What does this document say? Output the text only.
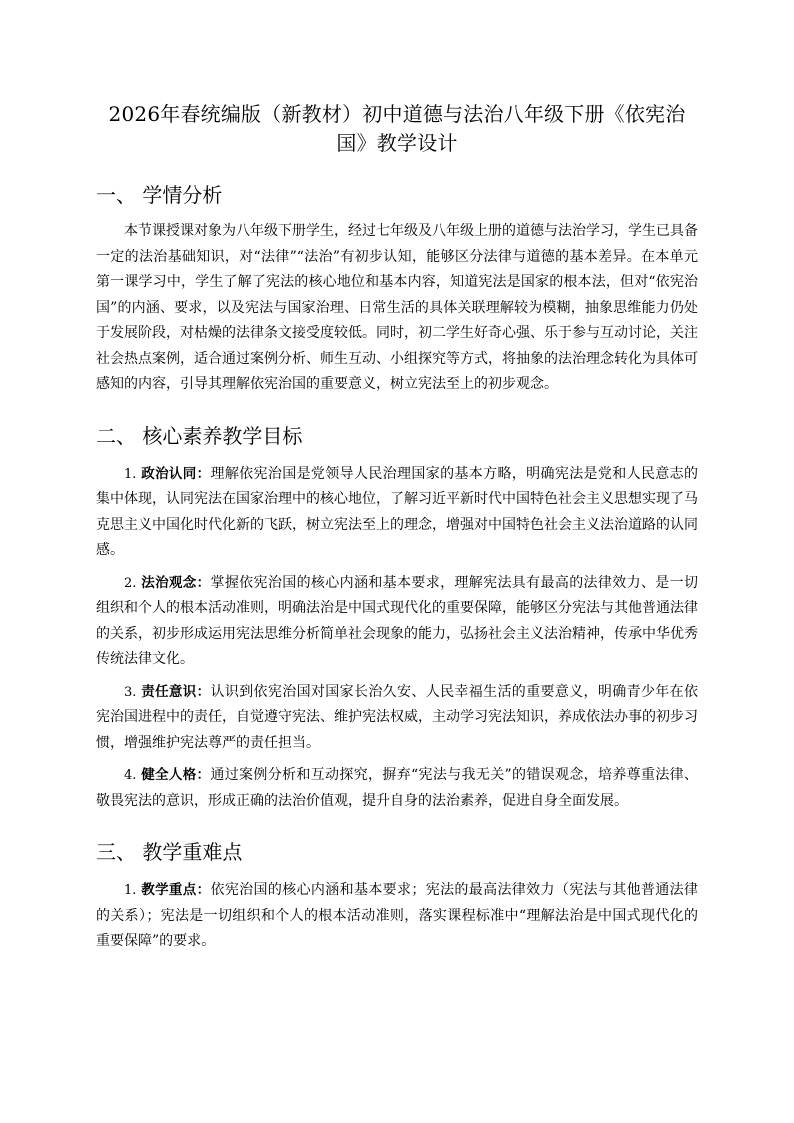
2026年春统编版（新教材）初中道德与法治八年级下册《依宪治国》教学设计
一、 学情分析

本节课授课对象为八年级下册学生，经过七年级及八年级上册的道德与法治学习，学生已具备一定的法治基础知识，对“法律”“法治”有初步认知，能够区分法律与道德的基本差异。在本单元第一课学习中，学生了解了宪法的核心地位和基本内容，知道宪法是国家的根本法，但对“依宪治国”的内涵、要求，以及宪法与国家治理、日常生活的具体关联理解较为模糊，抽象思维能力仍处于发展阶段，对枯燥的法律条文接受度较低。同时，初二学生好奇心强、乐于参与互动讨论，关注社会热点案例，适合通过案例分析、师生互动、小组探究等方式，将抽象的法治理念转化为具体可感知的内容，引导其理解依宪治国的重要意义，树立宪法至上的初步观念。

二、 核心素养教学目标

1. 政治认同：理解依宪治国是党领导人民治理国家的基本方略，明确宪法是党和人民意志的集中体现，认同宪法在国家治理中的核心地位，了解习近平新时代中国特色社会主义思想实现了马克思主义中国化时代化新的飞跃，树立宪法至上的理念，增强对中国特色社会主义法治道路的认同感。

2. 法治观念：掌握依宪治国的核心内涵和基本要求，理解宪法具有最高的法律效力、是一切组织和个人的根本活动准则，明确法治是中国式现代化的重要保障，能够区分宪法与其他普通法律的关系，初步形成运用宪法思维分析简单社会现象的能力，弘扬社会主义法治精神，传承中华优秀传统法律文化。

3. 责任意识：认识到依宪治国对国家长治久安、人民幸福生活的重要意义，明确青少年在依宪治国进程中的责任，自觉遵守宪法、维护宪法权威，主动学习宪法知识，养成依法办事的初步习惯，增强维护宪法尊严的责任担当。

4. 健全人格：通过案例分析和互动探究，摒弃“宪法与我无关”的错误观念，培养尊重法律、敬畏宪法的意识，形成正确的法治价值观，提升自身的法治素养，促进自身全面发展。

三、 教学重难点

1. 教学重点：依宪治国的核心内涵和基本要求；宪法的最高法律效力（宪法与其他普通法律的关系）；宪法是一切组织和个人的根本活动准则，落实课程标准中“理解法治是中国式现代化的重要保障”的要求。
